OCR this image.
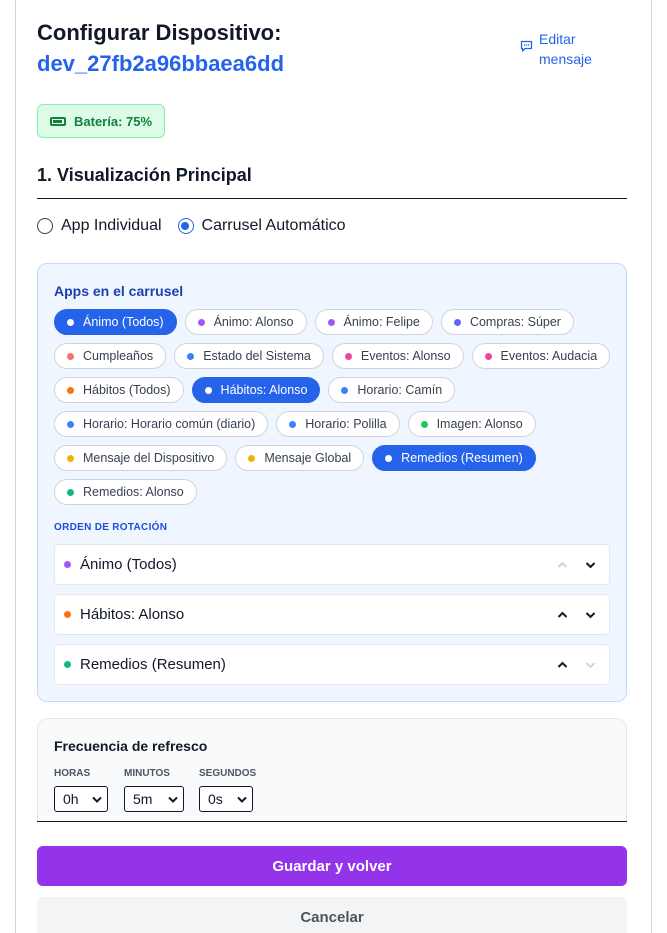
Configurar Dispositivo:
dev_27fb2a96bbaea6dd
Editar
mensaje
Batería: 75%
1. Visualización Principal
App Individual	Carrusel Automático
Apps en el carrusel
Ánimo (Todos)	Ánimo: Alonso	Ánimo: Felipe	Compras: Súper
Cumpleaños	Estado del Sistema	Eventos: Alonso	Eventos: Audacia
Hábitos (Todos)	Hábitos: Alonso	Horario: Camín
Horario: Horario común (diario)	Horario: Polilla	Imagen: Alonso
Mensaje del Dispositivo	Mensaje Global	Remedios (Resumen)
Remedios: Alonso
ORDEN DE ROTACIÓN
Ánimo (Todos)
Hábitos: Alonso
Remedios (Resumen)
Frecuencia de refresco
HORAS
0h
MINUTOS
5m
SEGUNDOS
0s
Guardar y volver
Cancelar
